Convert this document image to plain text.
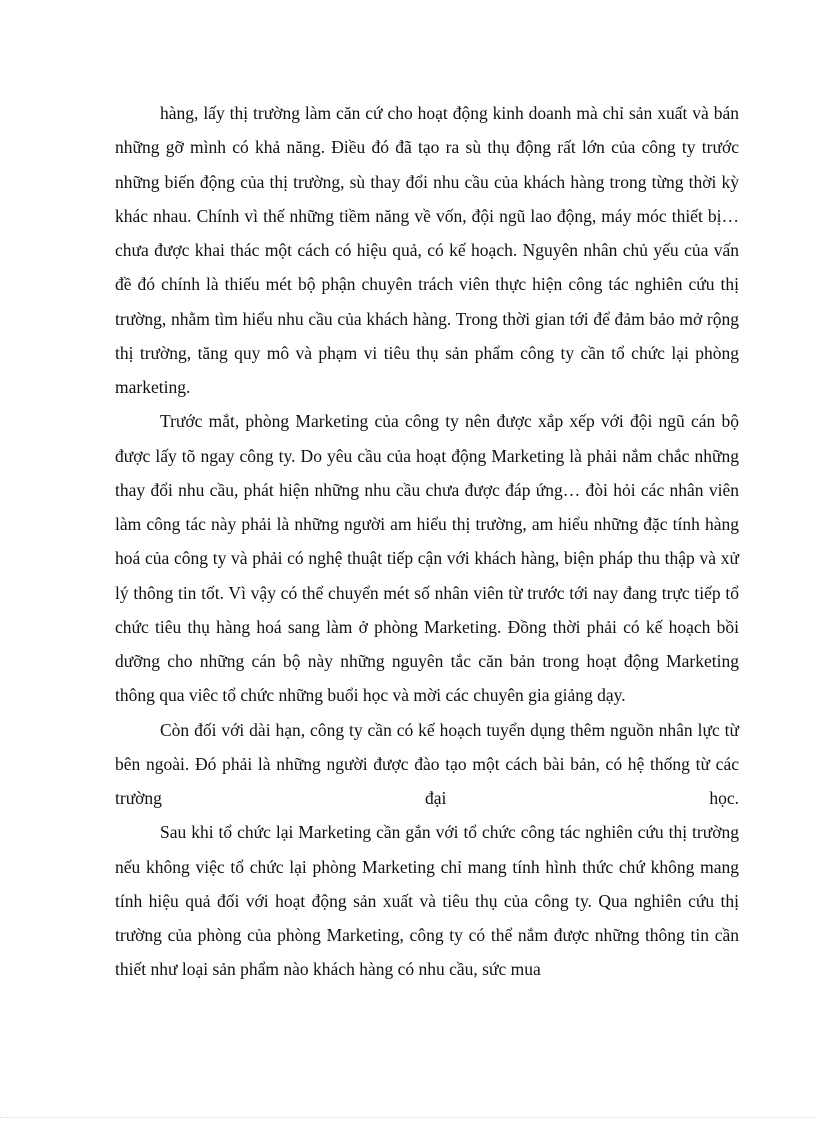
hàng, lấy thị trường làm căn cứ cho hoạt động kinh doanh mà chỉ sản xuất và bán những gỡ mình có khả năng. Điều đó đã tạo ra sù thụ động rất lớn của công ty trước những biến động của thị trường, sù thay đổi nhu cầu của khách hàng trong từng thời kỳ khác nhau. Chính vì thế những tiềm năng về vốn, đội ngũ lao động, máy móc thiết bị… chưa được khai thác một cách có hiệu quả, có kế hoạch. Nguyên nhân chủ yếu của vấn đề đó chính là thiếu mét bộ phận chuyên trách viên thực hiện công tác nghiên cứu thị trường, nhằm tìm hiểu nhu cầu của khách hàng. Trong thời gian tới để đảm bảo mở rộng thị trường, tăng quy mô và phạm vi tiêu thụ sản phẩm công ty cần tổ chức lại phòng marketing.

Trước mắt, phòng Marketing của công ty nên được xắp xếp với đội ngũ cán bộ được lấy tõ ngay công ty. Do yêu cầu của hoạt động Marketing là phải nắm chắc những thay đổi nhu cầu, phát hiện những nhu cầu chưa được đáp ứng… đòi hỏi các nhân viên làm công tác này phải là những người am hiểu thị trường, am hiểu những đặc tính hàng hoá của công ty và phải có nghệ thuật tiếp cận với khách hàng, biện pháp thu thập và xử lý thông tin tốt. Vì vậy có thể chuyển mét số nhân viên từ trước tới nay đang trực tiếp tổ chức tiêu thụ hàng hoá sang làm ở phòng Marketing. Đồng thời phải có kế hoạch bồi dưỡng cho những cán bộ này những nguyên tắc căn bản trong hoạt động Marketing thông qua viêc tổ chức những buổi học và mời các chuyên gia giảng dạy.

Còn đối với dài hạn, công ty cần có kế hoạch tuyển dụng thêm nguồn nhân lực từ bên ngoài. Đó phải là những người được đào tạo một cách bài bản, có hệ thống từ các trường đại học.

Sau khi tổ chức lại Marketing cần gắn với tổ chức công tác nghiên cứu thị trường nếu không việc tổ chức lại phòng Marketing chỉ mang tính hình thức chứ không mang tính hiệu quả đối với hoạt động sản xuất và tiêu thụ của công ty. Qua nghiên cứu thị trường của phòng của phòng Marketing, công ty có thể nắm được những thông tin cần thiết như loại sản phẩm nào khách hàng có nhu cầu, sức mua
